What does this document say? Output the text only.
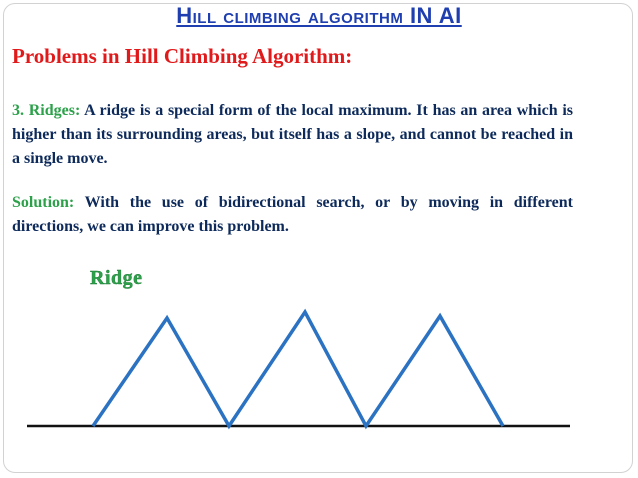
Hill climbing algorithm IN AI
Problems in Hill Climbing Algorithm:

3. Ridges: A ridge is a special form of the local maximum. It has an area which is higher than its surrounding areas, but itself has a slope, and cannot be reached in a single move.

Solution: With the use of bidirectional search, or by moving in different directions, we can improve this problem.

Ridge
